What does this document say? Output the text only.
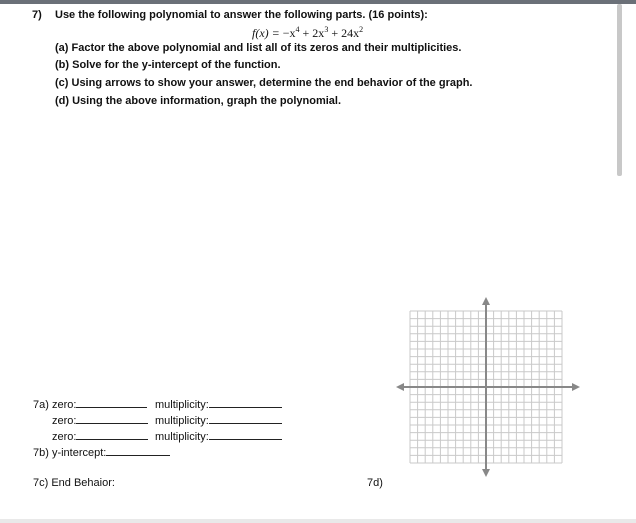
7) Use the following polynomial to answer the following parts. (16 points):
$f(x) = -x^4 + 2x^3 + 24x^2$
(a) Factor the above polynomial and list all of its zeros and their multiplicities.
(b) Solve for the y-intercept of the function.
(c) Using arrows to show your answer, determine the end behavior of the graph.
(d) Using the above information, graph the polynomial.
7a) zero:	multiplicity:
zero:	multiplicity:
zero:	multiplicity:
7b) y-intercept:
7c) End Behaior:	7d)
